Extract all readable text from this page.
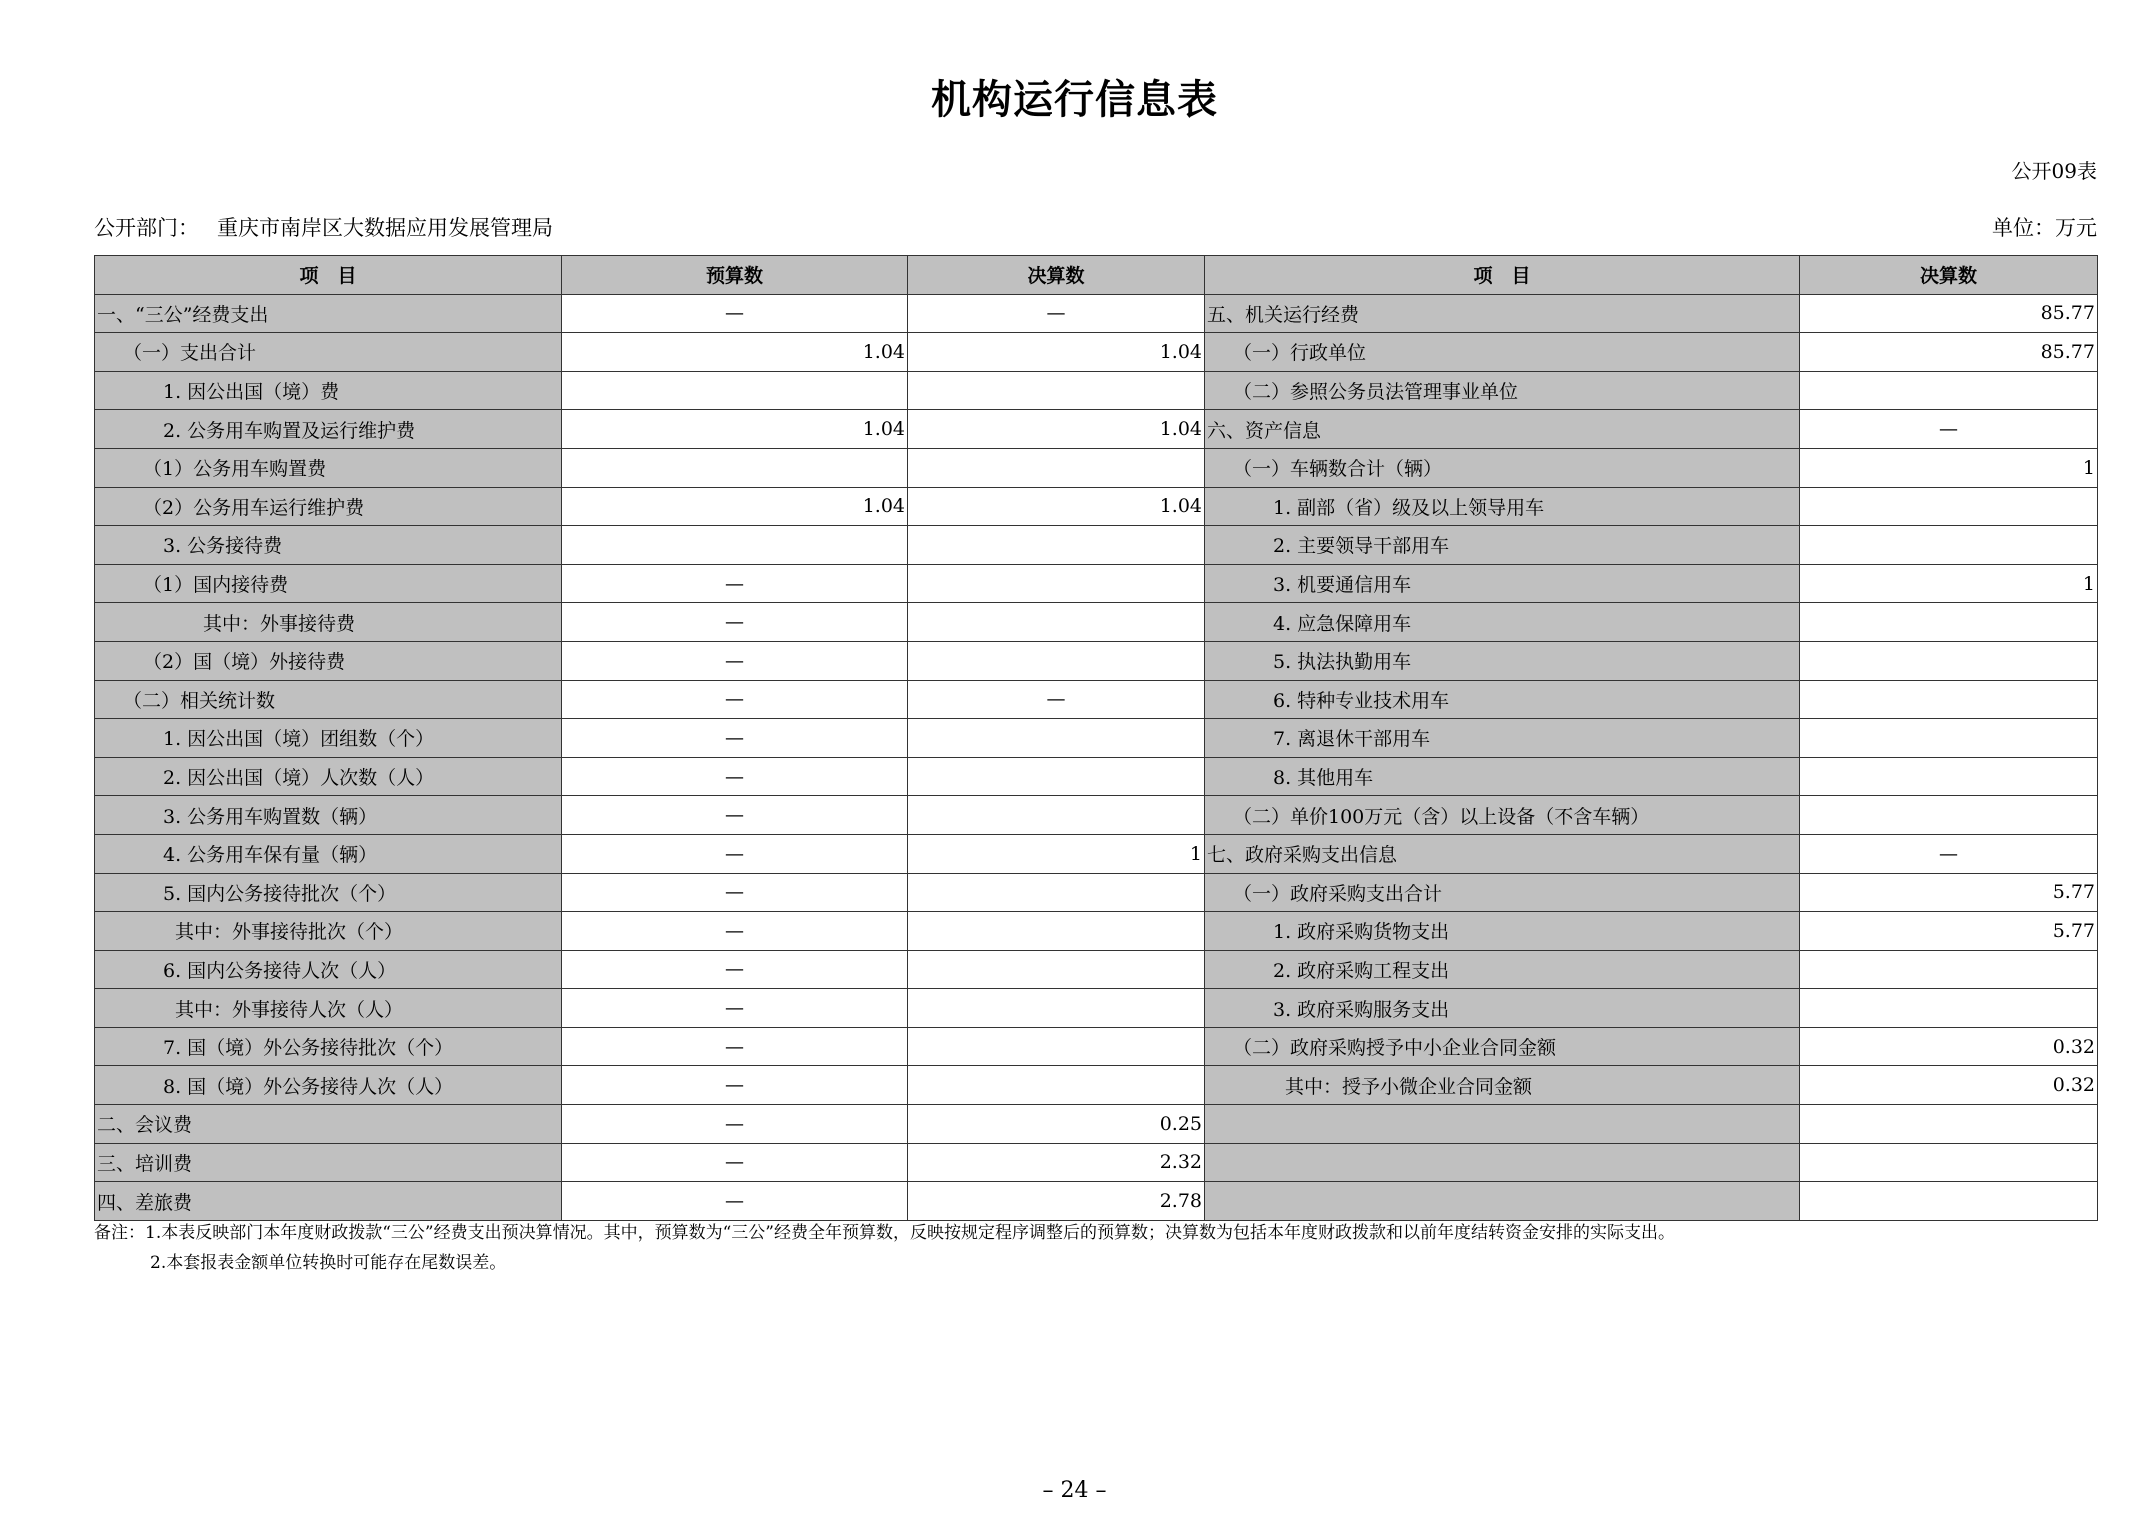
机构运行信息表
公开09表
公开部门： 重庆市南岸区大数据应用发展管理局	单位：万元
项　目	预算数	决算数	项　目	决算数
一、“三公”经费支出	—	—	五、机关运行经费	85.77
（一）支出合计	1.04	1.04	（一）行政单位	85.77
1. 因公出国（境）费			（二）参照公务员法管理事业单位	
2. 公务用车购置及运行维护费	1.04	1.04	六、资产信息	—
（1）公务用车购置费			（一）车辆数合计（辆）	1
（2）公务用车运行维护费	1.04	1.04	1. 副部（省）级及以上领导用车	
3. 公务接待费			2. 主要领导干部用车	
（1）国内接待费	—		3. 机要通信用车	1
其中：外事接待费	—		4. 应急保障用车	
（2）国（境）外接待费	—		5. 执法执勤用车	
（二）相关统计数	—	—	6. 特种专业技术用车	
1. 因公出国（境）团组数（个）	—		7. 离退休干部用车	
2. 因公出国（境）人次数（人）	—		8. 其他用车	
3. 公务用车购置数（辆）	—		（二）单价100万元（含）以上设备（不含车辆）	
4. 公务用车保有量（辆）	—	1	七、政府采购支出信息	—
5. 国内公务接待批次（个）	—		（一）政府采购支出合计	5.77
其中：外事接待批次（个）	—		1. 政府采购货物支出	5.77
6. 国内公务接待人次（人）	—		2. 政府采购工程支出	
其中：外事接待人次（人）	—		3. 政府采购服务支出	
7. 国（境）外公务接待批次（个）	—		（二）政府采购授予中小企业合同金额	0.32
8. 国（境）外公务接待人次（人）	—		其中：授予小微企业合同金额	0.32
二、会议费	—	0.25		
三、培训费	—	2.32		
四、差旅费	—	2.78		
备注：1.本表反映部门本年度财政拨款“三公”经费支出预决算情况。其中，预算数为“三公”经费全年预算数，反映按规定程序调整后的预算数；决算数为包括本年度财政拨款和以前年度结转资金安排的实际支出。
2.本套报表金额单位转换时可能存在尾数误差。
– 24 –
